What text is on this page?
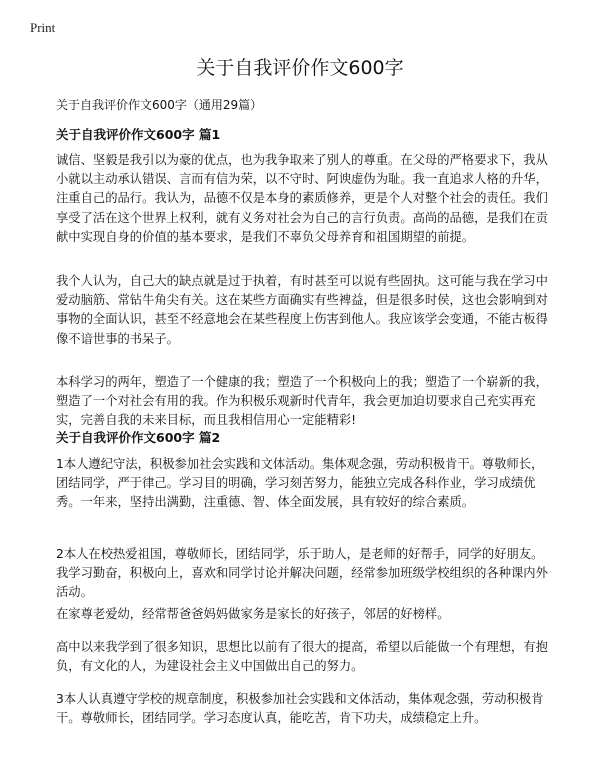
Print
关于自我评价作文600字
关于自我评价作文600字（通用29篇）
关于自我评价作文600字 篇1

诚信、坚毅是我引以为豪的优点，也为我争取来了别人的尊重。在父母的严格要求下，我从小就以主动承认错误、言而有信为荣，以不守时、阿谀虚伪为耻。我一直追求人格的升华，注重自己的品行。我认为，品德不仅是本身的素质修养，更是个人对整个社会的责任。我们享受了活在这个世界上权利，就有义务对社会为自己的言行负责。高尚的品德，是我们在贡献中实现自身的价值的基本要求，是我们不辜负父母养育和祖国期望的前提。

我个人认为，自己大的缺点就是过于执着，有时甚至可以说有些固执。这可能与我在学习中爱动脑筋、常钻牛角尖有关。这在某些方面确实有些裨益，但是很多时侯，这也会影响到对事物的全面认识，甚至不经意地会在某些程度上伤害到他人。我应该学会变通，不能古板得像不谙世事的书呆子。

本科学习的两年，塑造了一个健康的我；塑造了一个积极向上的我；塑造了一个崭新的我，塑造了一个对社会有用的我。作为积极乐观新时代青年，我会更加迫切要求自己充实再充实，完善自我的未来目标，而且我相信用心一定能精彩!

关于自我评价作文600字 篇2

1本人遵纪守法，积极参加社会实践和文体活动。集体观念强，劳动积极肯干。尊敬师长，团结同学，严于律己。学习目的明确，学习刻苦努力，能独立完成各科作业，学习成绩优秀。一年来，坚持出满勤，注重德、智、体全面发展，具有较好的综合素质。

2本人在校热爱祖国，尊敬师长，团结同学，乐于助人，是老师的好帮手，同学的好朋友。我学习勤奋，积极向上，喜欢和同学讨论并解决问题，经常参加班级学校组织的各种课内外活动。

在家尊老爱幼，经常帮爸爸妈妈做家务是家长的好孩子，邻居的好榜样。

高中以来我学到了很多知识，思想比以前有了很大的提高，希望以后能做一个有理想，有抱负，有文化的人，为建设社会主义中国做出自己的努力。

3本人认真遵守学校的规章制度，积极参加社会实践和文体活动，集体观念强，劳动积极肯干。尊敬师长，团结同学。学习态度认真，能吃苦，肯下功夫，成绩稳定上升。
